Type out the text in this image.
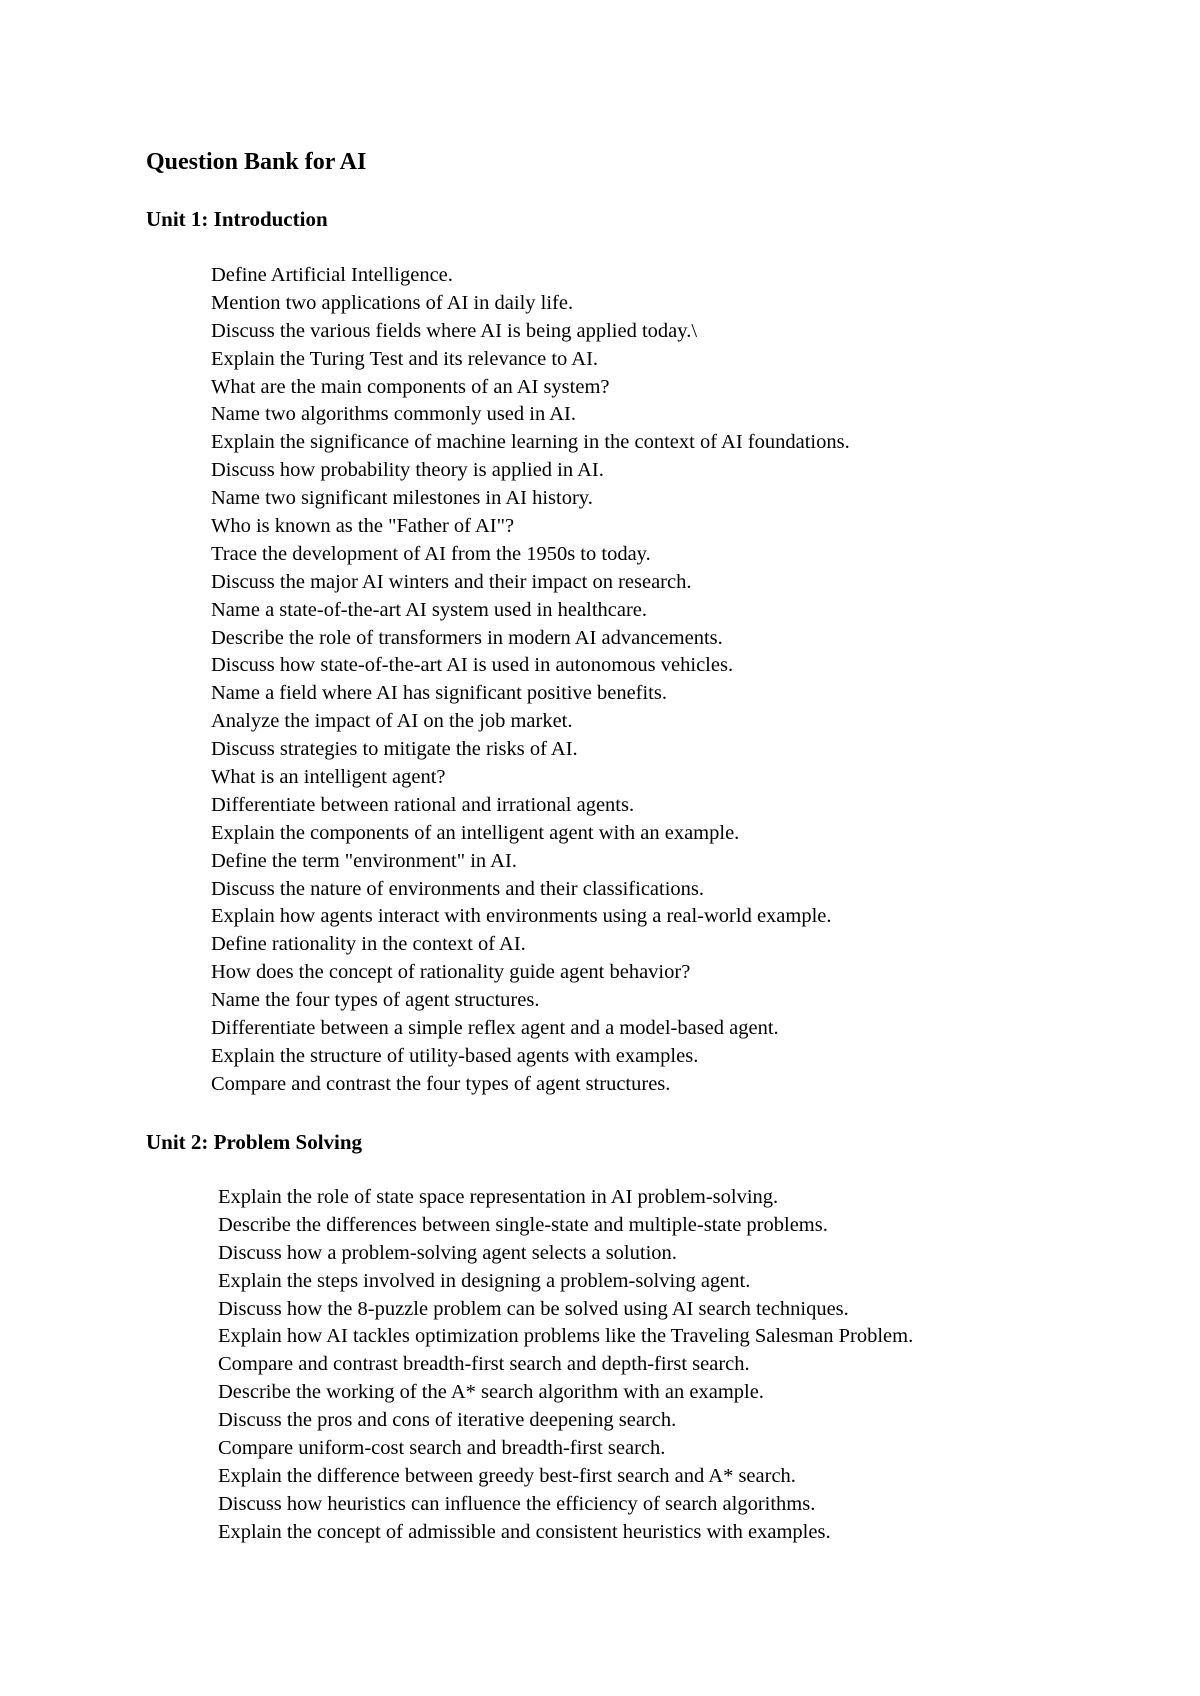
Question Bank for AI
Unit 1: Introduction
Define Artificial Intelligence.
Mention two applications of AI in daily life.
Discuss the various fields where AI is being applied today.\
Explain the Turing Test and its relevance to AI.
What are the main components of an AI system?
Name two algorithms commonly used in AI.
Explain the significance of machine learning in the context of AI foundations.
Discuss how probability theory is applied in AI.
Name two significant milestones in AI history.
Who is known as the "Father of AI"?
Trace the development of AI from the 1950s to today.
Discuss the major AI winters and their impact on research.
Name a state-of-the-art AI system used in healthcare.
Describe the role of transformers in modern AI advancements.
Discuss how state-of-the-art AI is used in autonomous vehicles.
Name a field where AI has significant positive benefits.
Analyze the impact of AI on the job market.
Discuss strategies to mitigate the risks of AI.
What is an intelligent agent?
Differentiate between rational and irrational agents.
Explain the components of an intelligent agent with an example.
Define the term "environment" in AI.
Discuss the nature of environments and their classifications.
Explain how agents interact with environments using a real-world example.
Define rationality in the context of AI.
How does the concept of rationality guide agent behavior?
Name the four types of agent structures.
Differentiate between a simple reflex agent and a model-based agent.
Explain the structure of utility-based agents with examples.
Compare and contrast the four types of agent structures.
Unit 2: Problem Solving
Explain the role of state space representation in AI problem-solving.
Describe the differences between single-state and multiple-state problems.
Discuss how a problem-solving agent selects a solution.
Explain the steps involved in designing a problem-solving agent.
Discuss how the 8-puzzle problem can be solved using AI search techniques.
Explain how AI tackles optimization problems like the Traveling Salesman Problem.
Compare and contrast breadth-first search and depth-first search.
Describe the working of the A* search algorithm with an example.
Discuss the pros and cons of iterative deepening search.
Compare uniform-cost search and breadth-first search.
Explain the difference between greedy best-first search and A* search.
Discuss how heuristics can influence the efficiency of search algorithms.
Explain the concept of admissible and consistent heuristics with examples.
